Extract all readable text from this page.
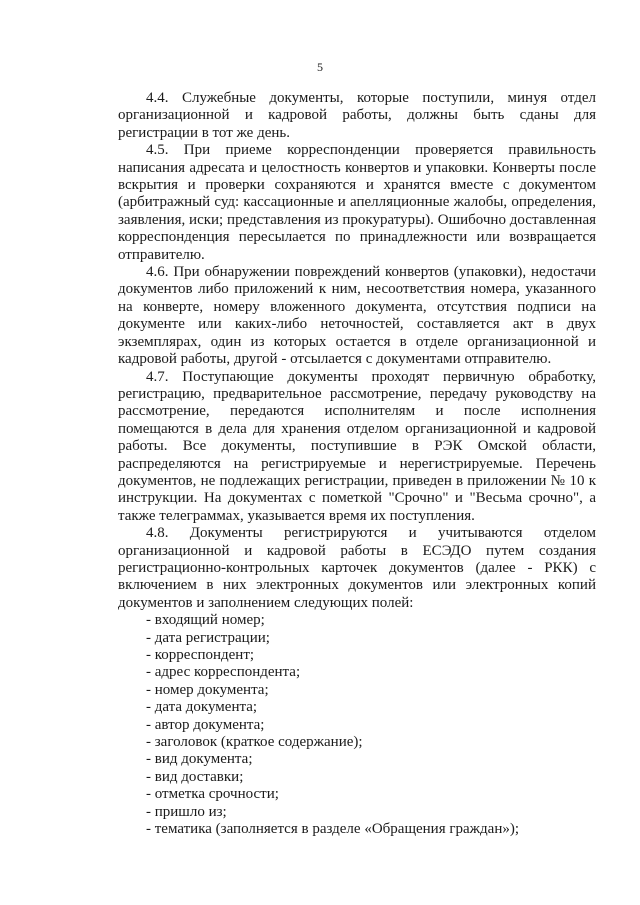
5

4.4. Служебные документы, которые поступили, минуя отдел организационной и кадровой работы, должны быть сданы для регистрации в тот же день.

4.5. При приеме корреспонденции проверяется правильность написания адресата и целостность конвертов и упаковки. Конверты после вскрытия и проверки сохраняются и хранятся вместе с документом (арбитражный суд: кассационные и апелляционные жалобы, определения, заявления, иски; представления из прокуратуры). Ошибочно доставленная корреспонденция пересылается по принадлежности или возвращается отправителю.

4.6. При обнаружении повреждений конвертов (упаковки), недостачи документов либо приложений к ним, несоответствия номера, указанного на конверте, номеру вложенного документа, отсутствия подписи на документе или каких-либо неточностей, составляется акт в двух экземплярах, один из которых остается в отделе организационной и кадровой работы, другой - отсылается с документами отправителю.

4.7. Поступающие документы проходят первичную обработку, регистрацию, предварительное рассмотрение, передачу руководству на рассмотрение, передаются исполнителям и после исполнения помещаются в дела для хранения отделом организационной и кадровой работы. Все документы, поступившие в РЭК Омской области, распределяются на регистрируемые и нерегистрируемые. Перечень документов, не подлежащих регистрации, приведен в приложении № 10 к инструкции. На документах с пометкой "Срочно" и "Весьма срочно", а также телеграммах, указывается время их поступления.

4.8. Документы регистрируются и учитываются отделом организационной и кадровой работы в ЕСЭДО путем создания регистрационно-контрольных карточек документов (далее - РКК) с включением в них электронных документов или электронных копий документов и заполнением следующих полей:

- входящий номер;
- дата регистрации;
- корреспондент;
- адрес корреспондента;
- номер документа;
- дата документа;
- автор документа;
- заголовок (краткое содержание);
- вид документа;
- вид доставки;
- отметка срочности;
- пришло из;
- тематика (заполняется в разделе «Обращения граждан»);
